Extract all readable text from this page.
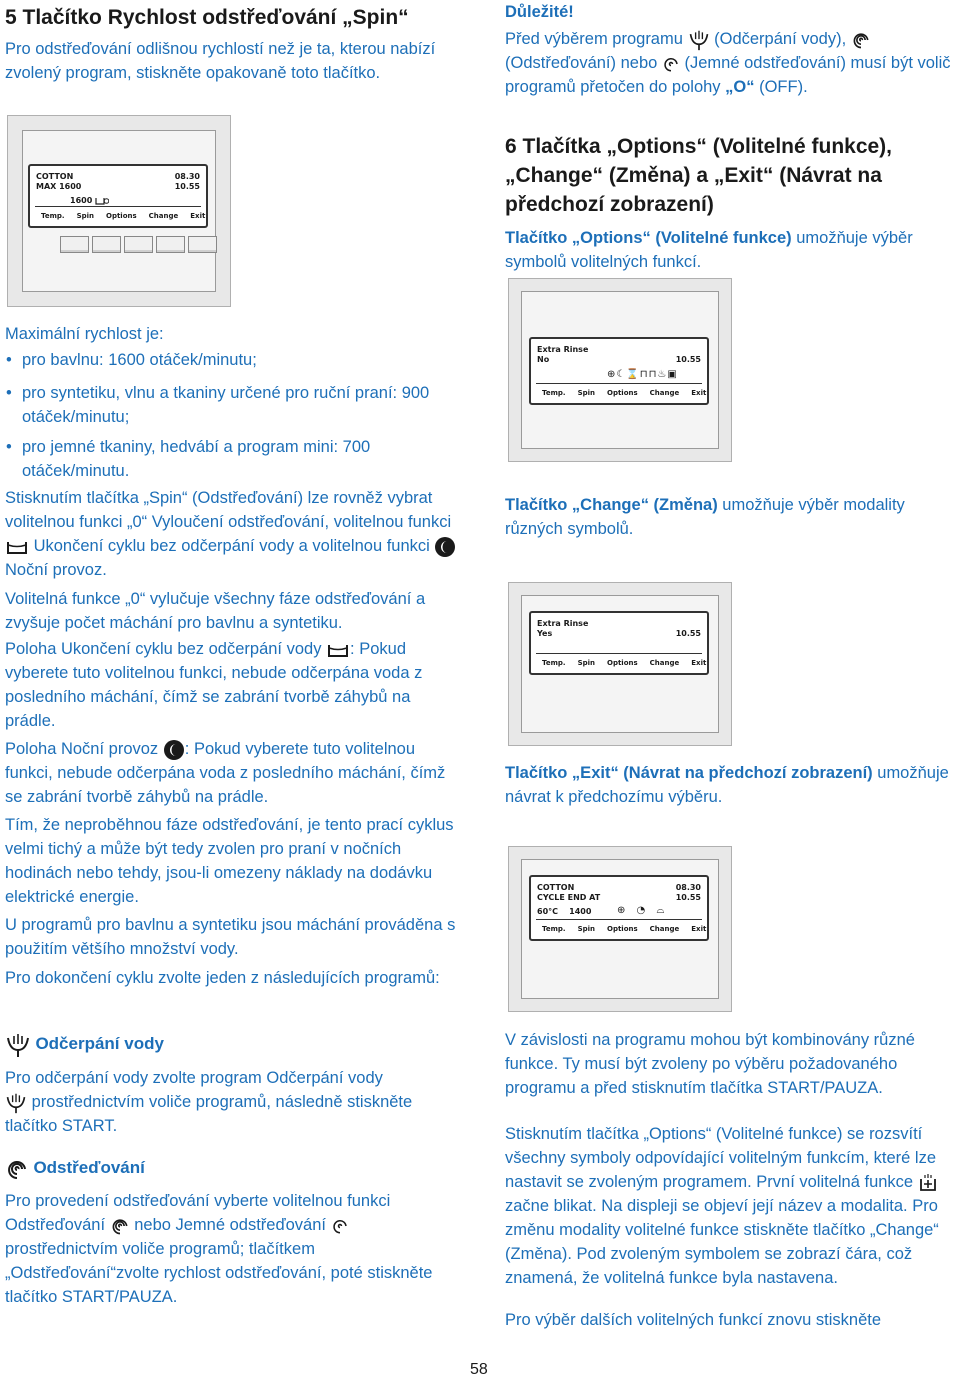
5 Tlačítko Rychlost odstřeďování „Spin“

Pro odstřeďování odlišnou rychlostí než je ta, kterou nabízí zvolený program, stiskněte opakovaně toto tlačítko.

COTTON
MAX 1600
1600
08.30
10.55
Temp.	Spin	Options	Change	Exit

Maximální rychlost je:

• pro bavlnu: 1600 otáček/minutu;
• pro syntetiku, vlnu a tkaniny určené pro ruční praní: 900 otáček/minutu;
• pro jemné tkaniny, hedvábí a program mini: 700 otáček/minutu.

Stisknutím tlačítka „Spin“ (Odstřeďování) lze rovněž vybrat volitelnou funkci „0“ Vyloučení odstřeďování, volitelnou funkci  Ukončení cyklu bez odčerpání vody a volitelnou funkci  Noční provoz.

Volitelná funkce „0“ vylučuje všechny fáze odstřeďování a zvyšuje počet máchání pro bavlnu a syntetiku.

Poloha Ukončení cyklu bez odčerpání vody : Pokud vyberete tuto volitelnou funkci, nebude odčerpána voda z posledního máchání, čímž se zabrání tvorbě záhybů na prádle.

Poloha Noční provoz : Pokud vyberete tuto volitelnou funkci, nebude odčerpána voda z posledního máchání, čímž se zabrání tvorbě záhybů na prádle.

Tím, že neproběhnou fáze odstřeďování, je tento prací cyklus velmi tichý a může být tedy zvolen pro praní v nočních hodinách nebo tehdy, jsou-li omezeny náklady na dodávku elektrické energie.

U programů pro bavlnu a syntetiku jsou máchání prováděna s použitím většího množství vody.

Pro dokončení cyklu zvolte jeden z následujících programů:

Odčerpání vody

Pro odčerpání vody zvolte program Odčerpání vody
prostřednictvím voliče programů, následně stiskněte tlačítko START.

Odstřeďování

Pro provedení odstřeďování vyberte volitelnou funkci Odstřeďování nebo Jemné odstřeďování  prostřednictvím voliče programů; tlačítkem „Odstřeďování“zvolte rychlost odstřeďování, poté stiskněte tlačítko START/PAUZA.

Důležité!

Před výběrem programu (Odčerpání vody),  (Odstřeďování) nebo (Jemné odstřeďování) musí být volič programů přetočen do polohy „O“ (OFF).

6 Tlačítka „Options“ (Volitelné funkce), „Change“ (Změna) a „Exit“ (Návrat na předchozí zobrazení)

Tlačítko „Options“ (Volitelné funkce) umožňuje výběr symbolů volitelných funkcí.

Extra Rinse
No	10.55
⊕☾⌛⊓⊓♨▣
Temp.	Spin	Options	Change	Exit

Tlačítko „Change“ (Změna) umožňuje výběr modality různých symbolů.

Extra Rinse
Yes	10.55
Temp.	Spin	Options	Change	Exit

Tlačítko „Exit“ (Návrat na předchozí zobrazení) umožňuje návrat k předchozímu výběru.

COTTON
CYCLE END AT
60°C 1400	⊕ ◔ ⌓
08.30
10.55
Temp.	Spin	Options	Change	Exit

V závislosti na programu mohou být kombinovány různé funkce. Ty musí být zvoleny po výběru požadovaného programu a před stisknutím tlačítka START/PAUZA.

Stisknutím tlačítka „Options“ (Volitelné funkce) se rozsvítí všechny symboly odpovídající volitelným funkcím, které lze nastavit se zvoleným programem. První volitelná funkce  začne blikat. Na displeji se objeví její název a modalita. Pro změnu modality volitelné funkce stiskněte tlačítko „Change“ (Změna). Pod zvoleným symbolem se zobrazí čára, což znamená, že volitelná funkce byla nastavena.

Pro výběr dalších volitelných funkcí znovu stiskněte

58
